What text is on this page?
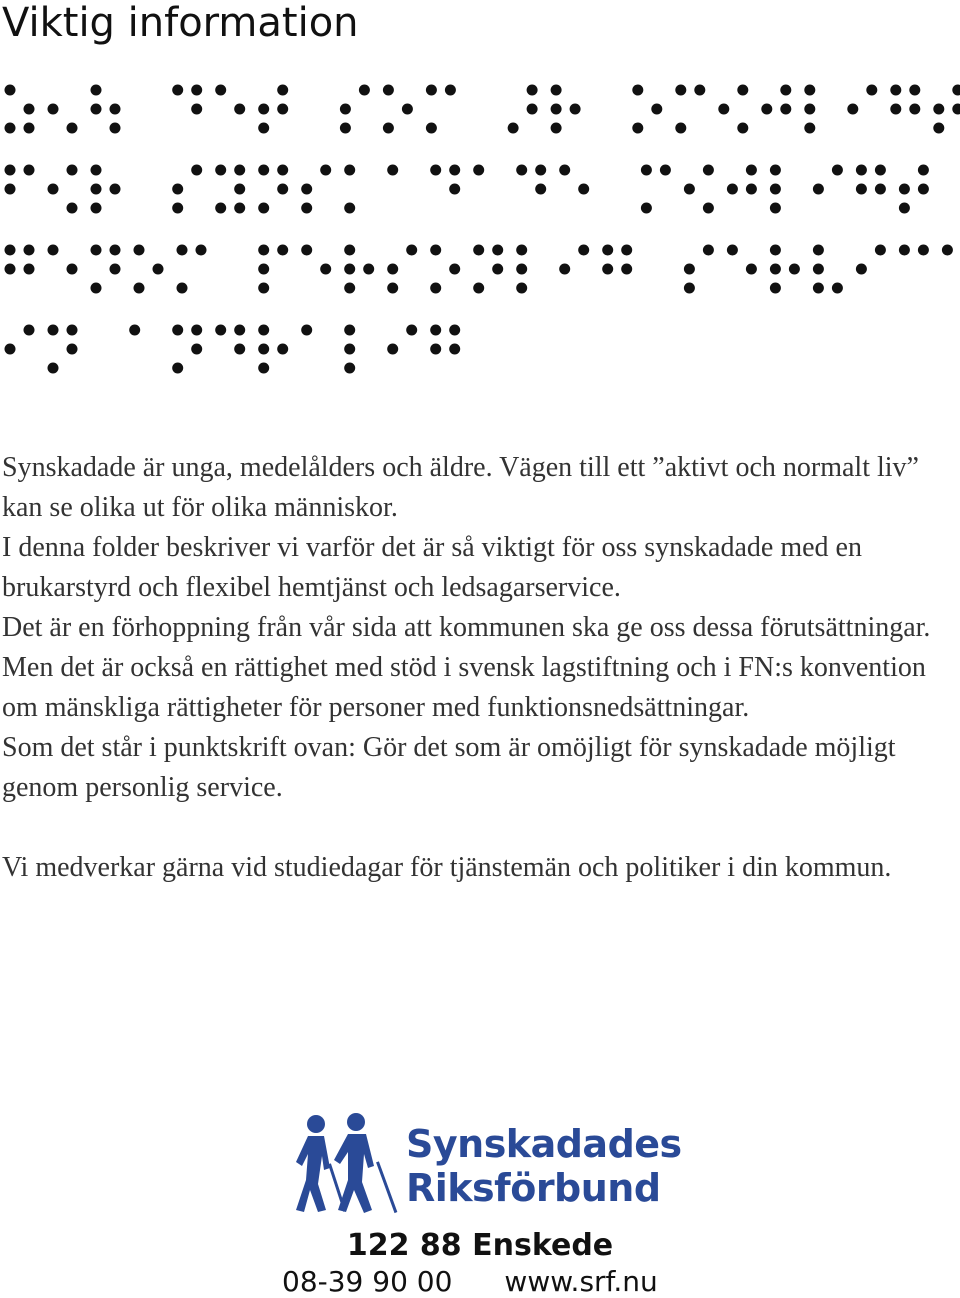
Viktig information

Synskadade är unga, medelålders och äldre. Vägen till ett ”aktivt och normalt liv” kan se olika ut för olika människor.

I denna folder beskriver vi varför det är så viktigt för oss synskadade med en brukarstyrd och flexibel hemtjänst och ledsagarservice.

Det är en förhoppning från vår sida att kommunen ska ge oss dessa förutsättningar. Men det är också en rättighet med stöd i svensk lagstiftning och i FN:s konvention om mänskliga rättigheter för personer med funktionsnedsättningar.

Som det står i punktskrift ovan: Gör det som är omöjligt för synskadade möjligt genom personlig service.

Vi medverkar gärna vid studiedagar för tjänstemän och politiker i din kommun.

Synskadades
Riksförbund
122 88 Enskede
08-39 90 00 www.srf.nu
